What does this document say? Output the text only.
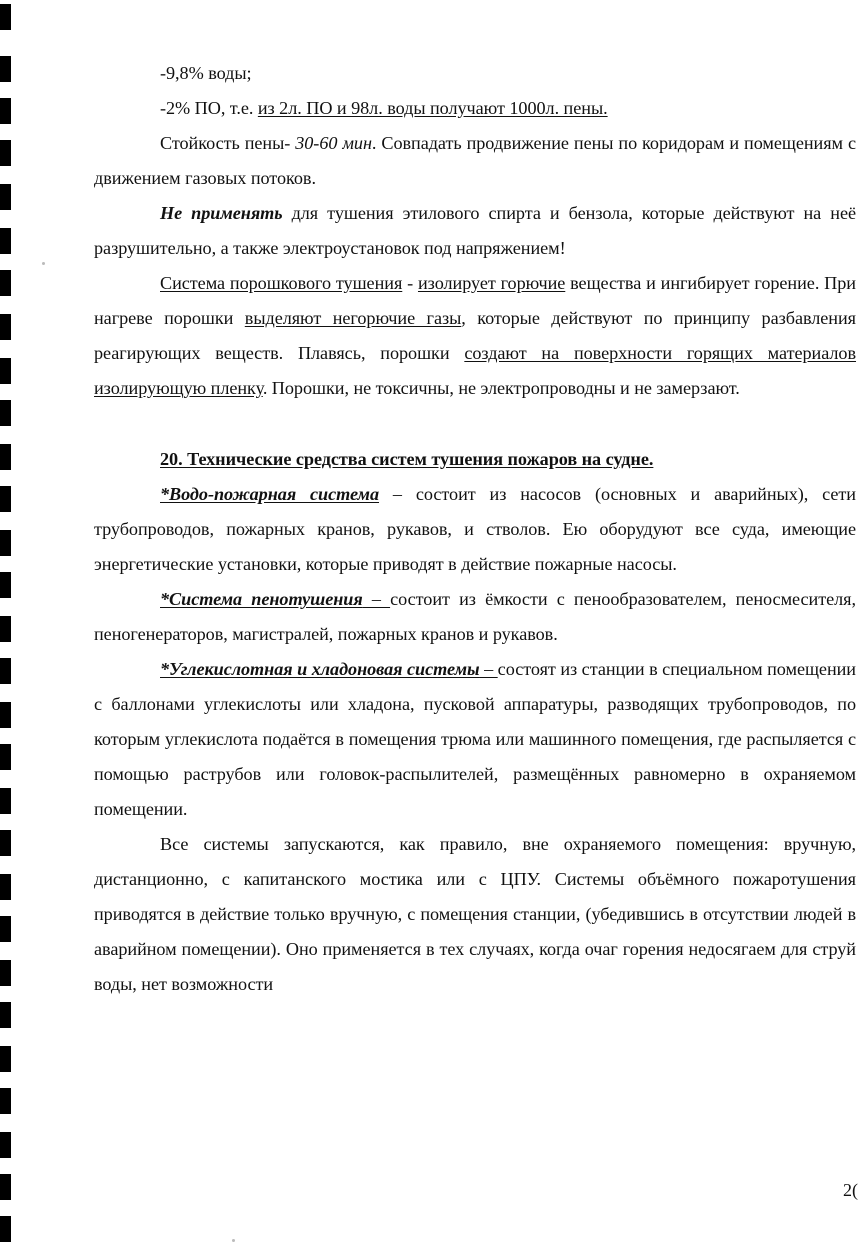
-9,8% воды;

-2% ПО, т.е. из 2л. ПО и 98л. воды получают 1000л. пены.

Стойкость пены- 30-60 мин. Совпадать продвижение пены по коридорам и помещениям с движением газовых потоков.

Не применять для тушения этилового спирта и бензола, которые действуют на неё разрушительно, а также электроустановок под напряжением!

Система порошкового тушения - изолирует горючие вещества и ингибирует горение. При нагреве порошки выделяют негорючие газы, которые действуют по принципу разбавления реагирующих веществ. Плавясь, порошки создают на поверхности горящих материалов изолирующую пленку. Порошки, не токсичны, не электропроводны и не замерзают.

20. Технические средства систем тушения пожаров на судне.

*Водо-пожарная система – состоит из насосов (основных и аварийных), сети трубопроводов, пожарных кранов, рукавов, и стволов. Ею оборудуют все суда, имеющие энергетические установки, которые приводят в действие пожарные насосы.

*Система пенотушения – состоит из ёмкости с пенообразователем, пеносмесителя, пеногенераторов, магистралей, пожарных кранов и рукавов.

*Углекислотная и хладоновая системы – состоят из станции в специальном помещении с баллонами углекислоты или хладона, пусковой аппаратуры, разводящих трубопроводов, по которым углекислота подаётся в помещения трюма или машинного помещения, где распыляется с помощью раструбов или головок-распылителей, размещённых равномерно в охраняемом помещении.

Все системы запускаются, как правило, вне охраняемого помещения: вручную, дистанционно, с капитанского мостика или с ЦПУ. Системы объёмного пожаротушения приводятся в действие только вручную, с помещения станции, (убедившись в отсутствии людей в аварийном помещении). Оно применяется в тех случаях, когда очаг горения недосягаем для струй воды, нет возможности

2(
